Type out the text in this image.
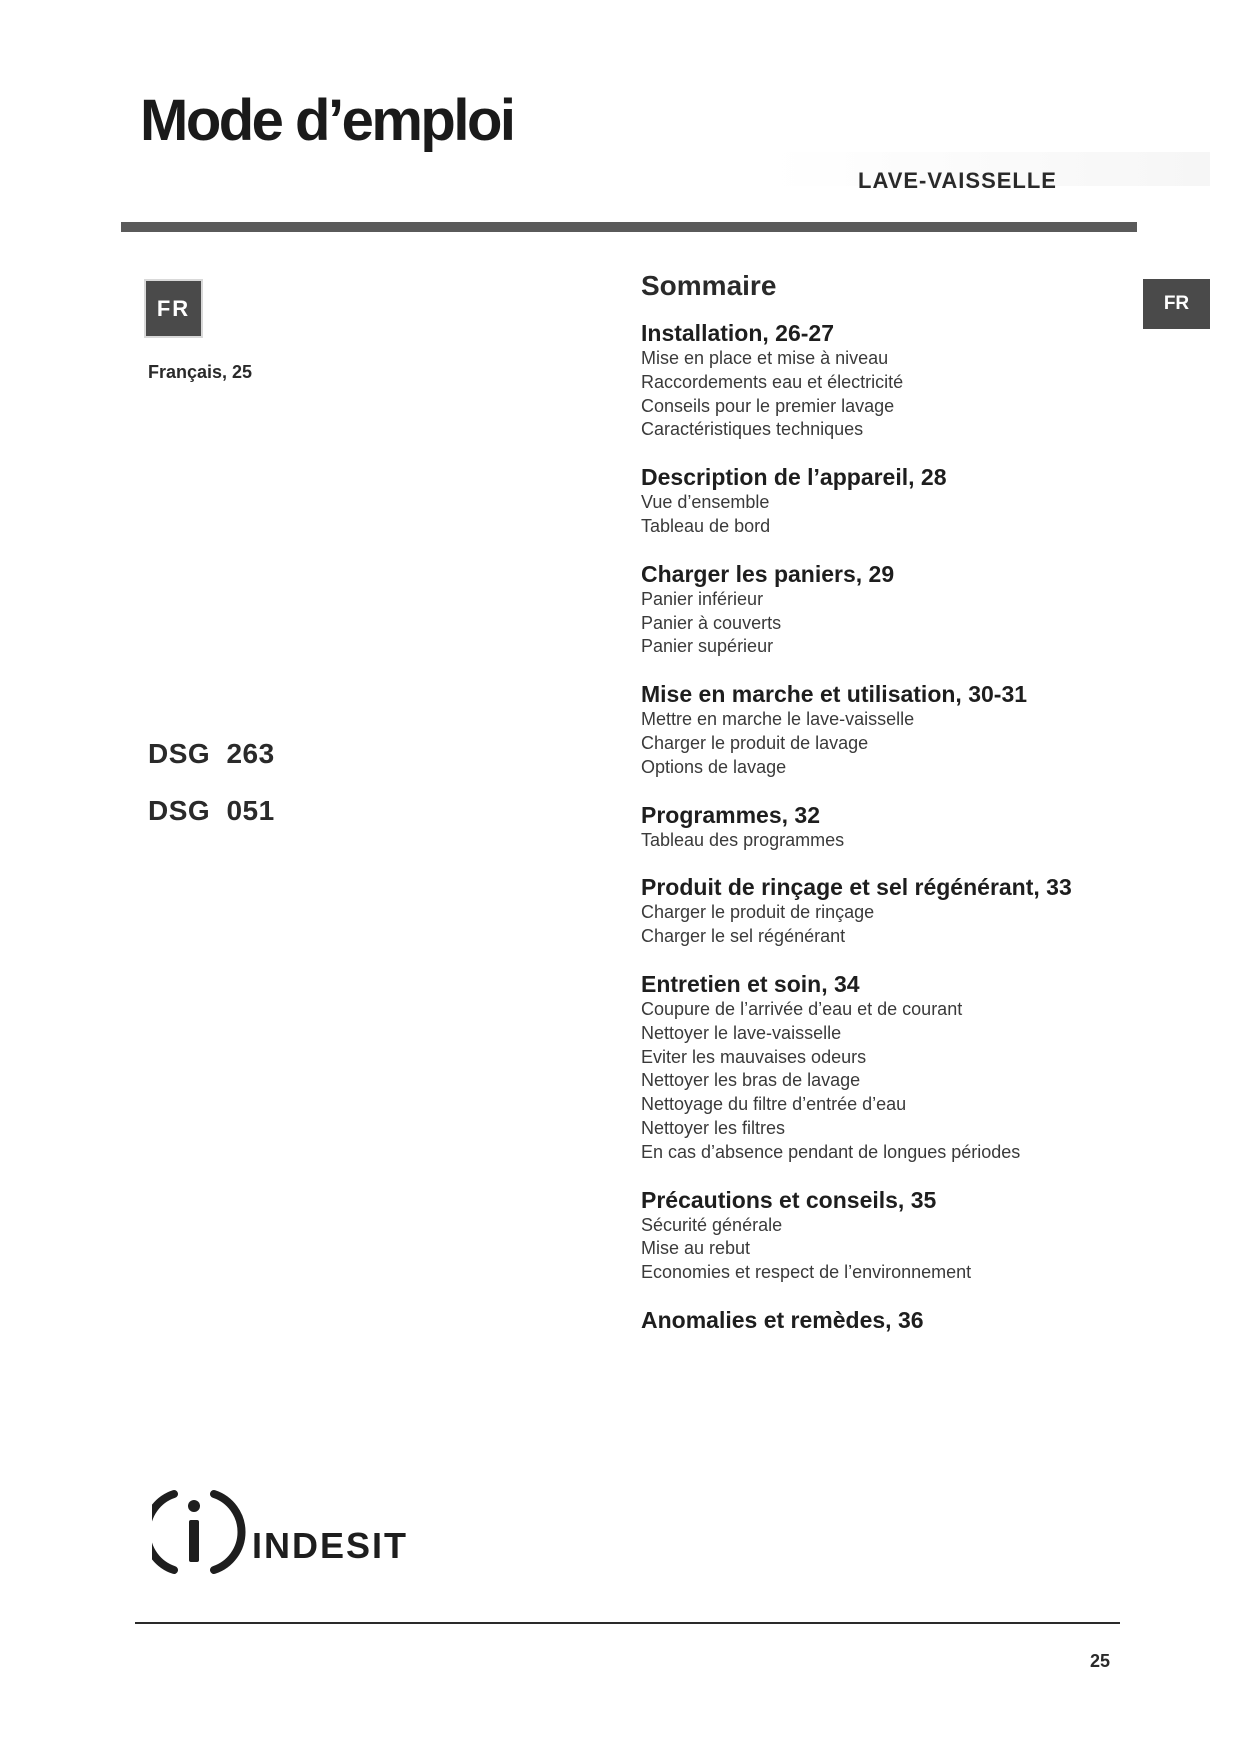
Mode d’emploi
LAVE-VAISSELLE
FR
Français, 25
DSG 263
DSG 051
FR
Sommaire
Installation, 26-27
Mise en place et mise à niveau
Raccordements eau et électricité
Conseils pour le premier lavage
Caractéristiques techniques
Description de l’appareil, 28
Vue d’ensemble
Tableau de bord
Charger les paniers, 29
Panier inférieur
Panier à couverts
Panier supérieur
Mise en marche et utilisation, 30-31
Mettre en marche le lave-vaisselle
Charger le produit de lavage
Options de lavage
Programmes, 32
Tableau des programmes
Produit de rinçage et sel régénérant, 33
Charger le produit de rinçage
Charger le sel régénérant
Entretien et soin, 34
Coupure de l’arrivée d’eau et de courant
Nettoyer le lave-vaisselle
Eviter les mauvaises odeurs
Nettoyer les bras de lavage
Nettoyage du filtre d’entrée d’eau
Nettoyer les filtres
En cas d’absence pendant de longues périodes
Précautions et conseils, 35
Sécurité générale
Mise au rebut
Economies et respect de l’environnement
Anomalies et remèdes, 36
indesit
25
